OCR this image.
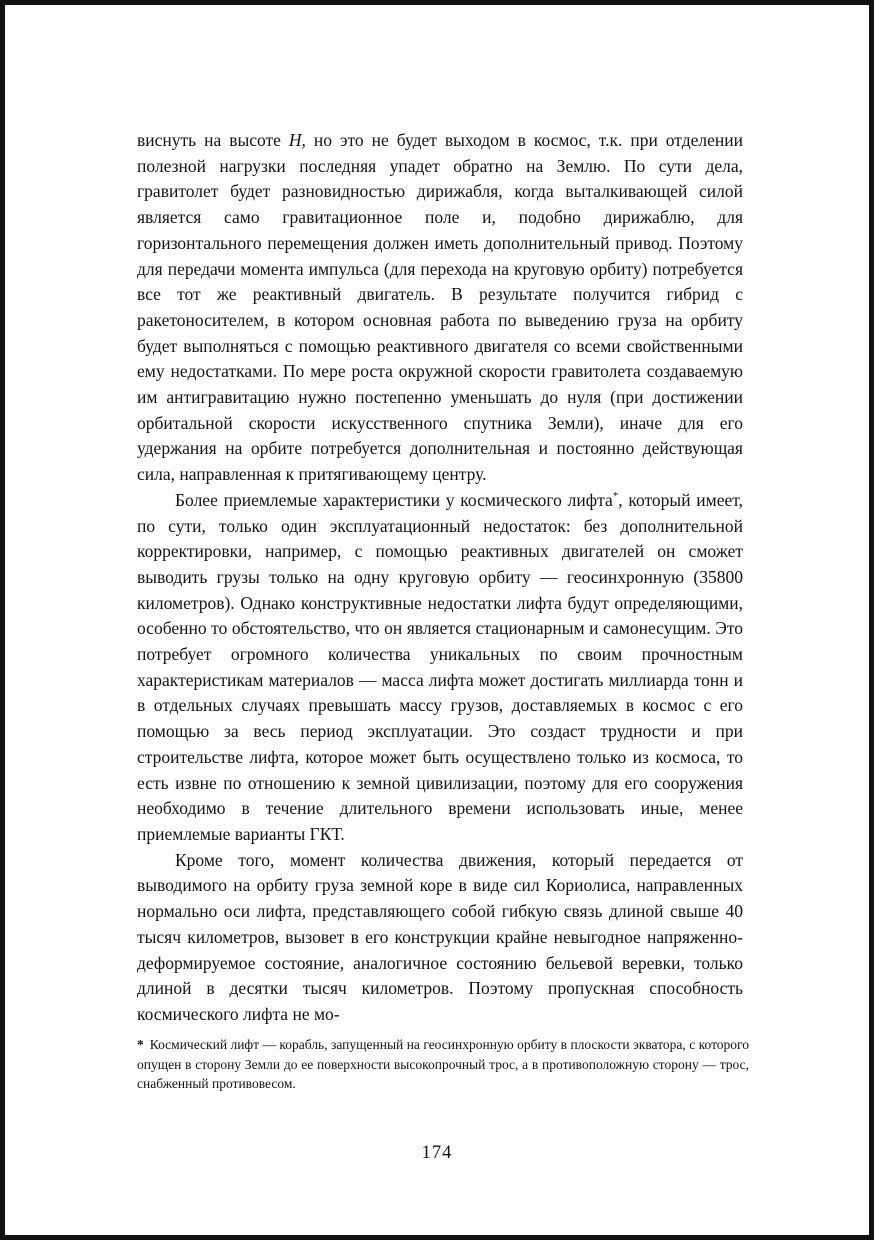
виснуть на высоте Н, но это не будет выходом в космос, т.к. при отделении полезной нагрузки последняя упадет обратно на Землю. По сути дела, гравитолет будет разновидностью дирижабля, когда выталкивающей силой является само гравитационное поле и, подобно дирижаблю, для горизонтального перемещения должен иметь дополнительный привод. Поэтому для передачи момента импульса (для перехода на круговую орбиту) потребуется все тот же реактивный двигатель. В результате получится гибрид с ракетоносителем, в котором основная работа по выведению груза на орбиту будет выполняться с помощью реактивного двигателя со всеми свойственными ему недостатками. По мере роста окружной скорости гравитолета создаваемую им антигравитацию нужно постепенно уменьшать до нуля (при достижении орбитальной скорости искусственного спутника Земли), иначе для его удержания на орбите потребуется дополнительная и постоянно действующая сила, направленная к притягивающему центру.

Более приемлемые характеристики у космического лифта*, который имеет, по сути, только один эксплуатационный недостаток: без дополнительной корректировки, например, с помощью реактивных двигателей он сможет выводить грузы только на одну круговую орбиту — геосинхронную (35800 километров). Однако конструктивные недостатки лифта будут определяющими, особенно то обстоятельство, что он является стационарным и самонесущим. Это потребует огромного количества уникальных по своим прочностным характеристикам материалов — масса лифта может достигать миллиарда тонн и в отдельных случаях превышать массу грузов, доставляемых в космос с его помощью за весь период эксплуатации. Это создаст трудности и при строительстве лифта, которое может быть осуществлено только из космоса, то есть извне по отношению к земной цивилизации, поэтому для его сооружения необходимо в течение длительного времени использовать иные, менее приемлемые варианты ГКТ.

Кроме того, момент количества движения, который передается от выводимого на орбиту груза земной коре в виде сил Кориолиса, направленных нормально оси лифта, представляющего собой гибкую связь длиной свыше 40 тысяч километров, вызовет в его конструкции крайне невыгодное напряженно-деформируемое состояние, аналогичное состоянию бельевой веревки, только длиной в десятки тысяч километров. Поэтому пропускная способность космического лифта не мо-

* Космический лифт — корабль, запущенный на геосинхронную орбиту в плоскости экватора, с которого опущен в сторону Земли до ее поверхности высокопрочный трос, а в противоположную сторону — трос, снабженный противовесом.
174
